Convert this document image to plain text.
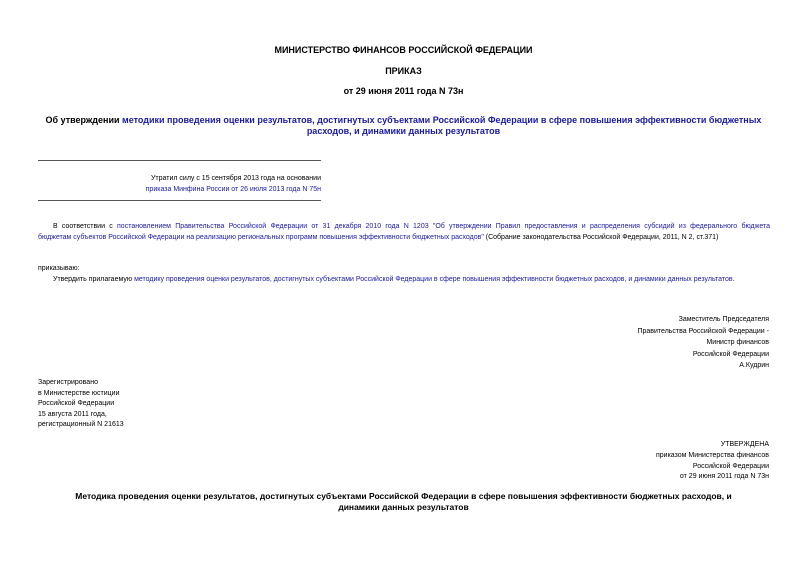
МИНИСТЕРСТВО ФИНАНСОВ РОССИЙСКОЙ ФЕДЕРАЦИИ
ПРИКАЗ
от 29 июня 2011 года N 73н
Об утверждении методики проведения оценки результатов, достигнутых субъектами Российской Федерации в сфере повышения эффективности бюджетных
расходов, и динамики данных результатов
Утратил силу с 15 сентября 2013 года на основании
приказа Минфина России от 26 июля 2013 года N 75н
В соответствии с постановлением Правительства Российской Федерации от 31 декабря 2010 года N 1203 "Об утверждении Правил предоставления и распределения субсидий из федерального бюджета
бюджетам субъектов Российской Федерации на реализацию региональных программ повышения эффективности бюджетных расходов" (Собрание законодательства Российской Федерации, 2011, N 2, ст.371)
приказываю:
Утвердить прилагаемую методику проведения оценки результатов, достигнутых субъектами Российской Федерации в сфере повышения эффективности бюджетных расходов, и динамики данных результатов.
Заместитель Председателя
Правительства Российской Федерации -
Министр финансов
Российской Федерации
А.Кудрин
Зарегистрировано
в Министерстве юстиции
Российской Федерации
15 августа 2011 года,
регистрационный N 21613
УТВЕРЖДЕНА
приказом Министерства финансов
Российской Федерации
от 29 июня 2011 года N 73н
Методика проведения оценки результатов, достигнутых субъектами Российской Федерации в сфере повышения эффективности бюджетных расходов, и
динамики данных результатов
